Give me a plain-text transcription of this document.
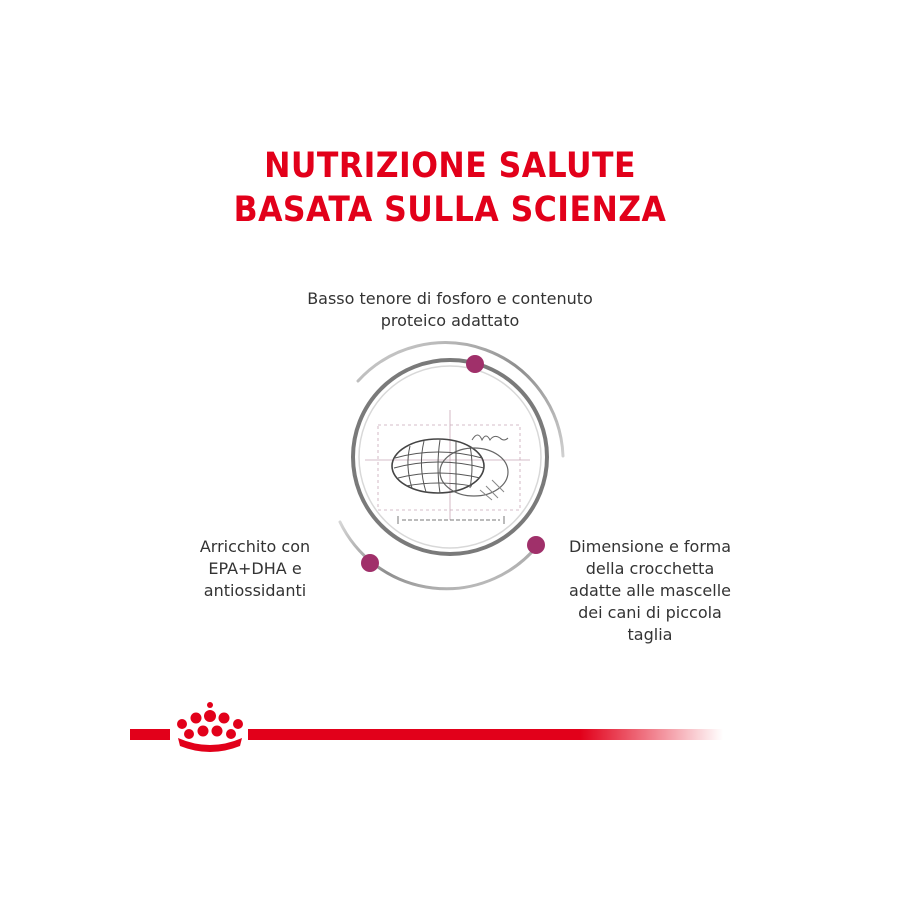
NUTRIZIONE SALUTE
BASATA SULLA SCIENZA

Basso tenore di fosforo e contenuto
proteico adattato

Arricchito con
EPA+DHA e
antiossidanti

Dimensione e forma
della crocchetta
adatte alle mascelle
dei cani di piccola
taglia
